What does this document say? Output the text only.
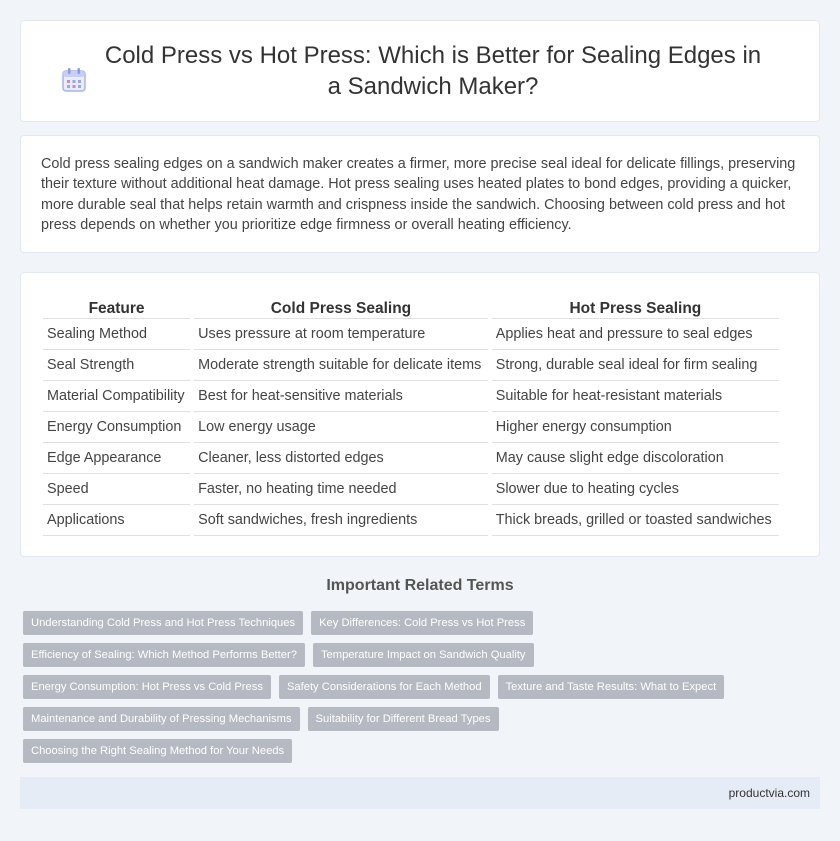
Cold Press vs Hot Press: Which is Better for Sealing Edges in a Sandwich Maker?

Cold press sealing edges on a sandwich maker creates a firmer, more precise seal ideal for delicate fillings, preserving their texture without additional heat damage. Hot press sealing uses heated plates to bond edges, providing a quicker, more durable seal that helps retain warmth and crispness inside the sandwich. Choosing between cold press and hot press depends on whether you prioritize edge firmness or overall heating efficiency.

Feature	Cold Press Sealing	Hot Press Sealing
Sealing Method	Uses pressure at room temperature	Applies heat and pressure to seal edges
Seal Strength	Moderate strength suitable for delicate items	Strong, durable seal ideal for firm sealing
Material Compatibility	Best for heat-sensitive materials	Suitable for heat-resistant materials
Energy Consumption	Low energy usage	Higher energy consumption
Edge Appearance	Cleaner, less distorted edges	May cause slight edge discoloration
Speed	Faster, no heating time needed	Slower due to heating cycles
Applications	Soft sandwiches, fresh ingredients	Thick breads, grilled or toasted sandwiches
Important Related Terms
Understanding Cold Press and Hot Press Techniques	Key Differences: Cold Press vs Hot Press
Efficiency of Sealing: Which Method Performs Better?	Temperature Impact on Sandwich Quality
Energy Consumption: Hot Press vs Cold Press	Safety Considerations for Each Method	Texture and Taste Results: What to Expect
Maintenance and Durability of Pressing Mechanisms	Suitability for Different Bread Types
Choosing the Right Sealing Method for Your Needs
productvia.com
